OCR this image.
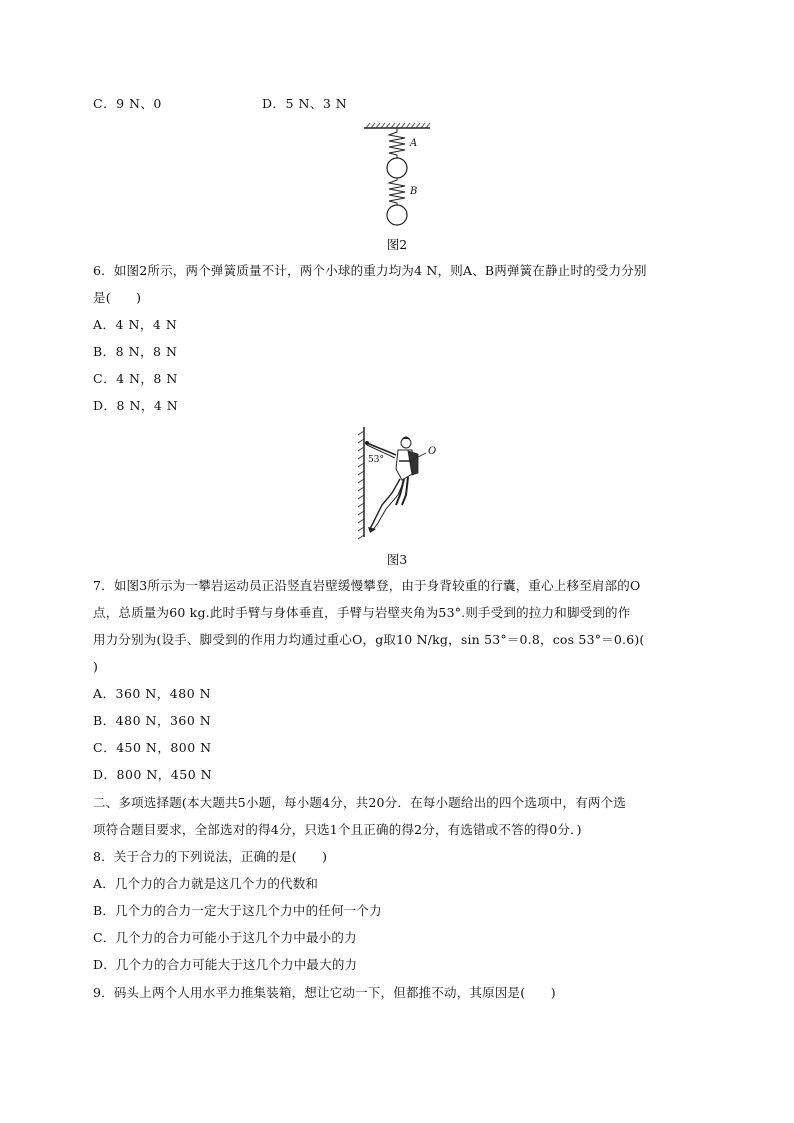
C．9 N、0	D．5 N、3 N
A
B
图2
6．如图2所示，两个弹簧质量不计，两个小球的重力均为4 N，则A、B两弹簧在静止时的受力分别
是(　　)
A．4 N，4 N
B．8 N，8 N
C．4 N，8 N
D．8 N，4 N
53°
O
图3
7．如图3所示为一攀岩运动员正沿竖直岩壁缓慢攀登，由于身背较重的行囊，重心上移至肩部的O
点，总质量为60 kg.此时手臂与身体垂直，手臂与岩壁夹角为53°.则手受到的拉力和脚受到的作
用力分别为(设手、脚受到的作用力均通过重心O，g取10 N/kg，sin 53°＝0.8，cos 53°＝0.6)(
)
A．360 N，480 N
B．480 N，360 N
C．450 N，800 N
D．800 N，450 N
二、多项选择题(本大题共5小题，每小题4分，共20分．在每小题给出的四个选项中，有两个选
项符合题目要求，全部选对的得4分，只选1个且正确的得2分，有选错或不答的得0分．)
8．关于合力的下列说法，正确的是(　　)
A．几个力的合力就是这几个力的代数和
B．几个力的合力一定大于这几个力中的任何一个力
C．几个力的合力可能小于这几个力中最小的力
D．几个力的合力可能大于这几个力中最大的力
9．码头上两个人用水平力推集装箱，想让它动一下，但都推不动，其原因是(　　)
